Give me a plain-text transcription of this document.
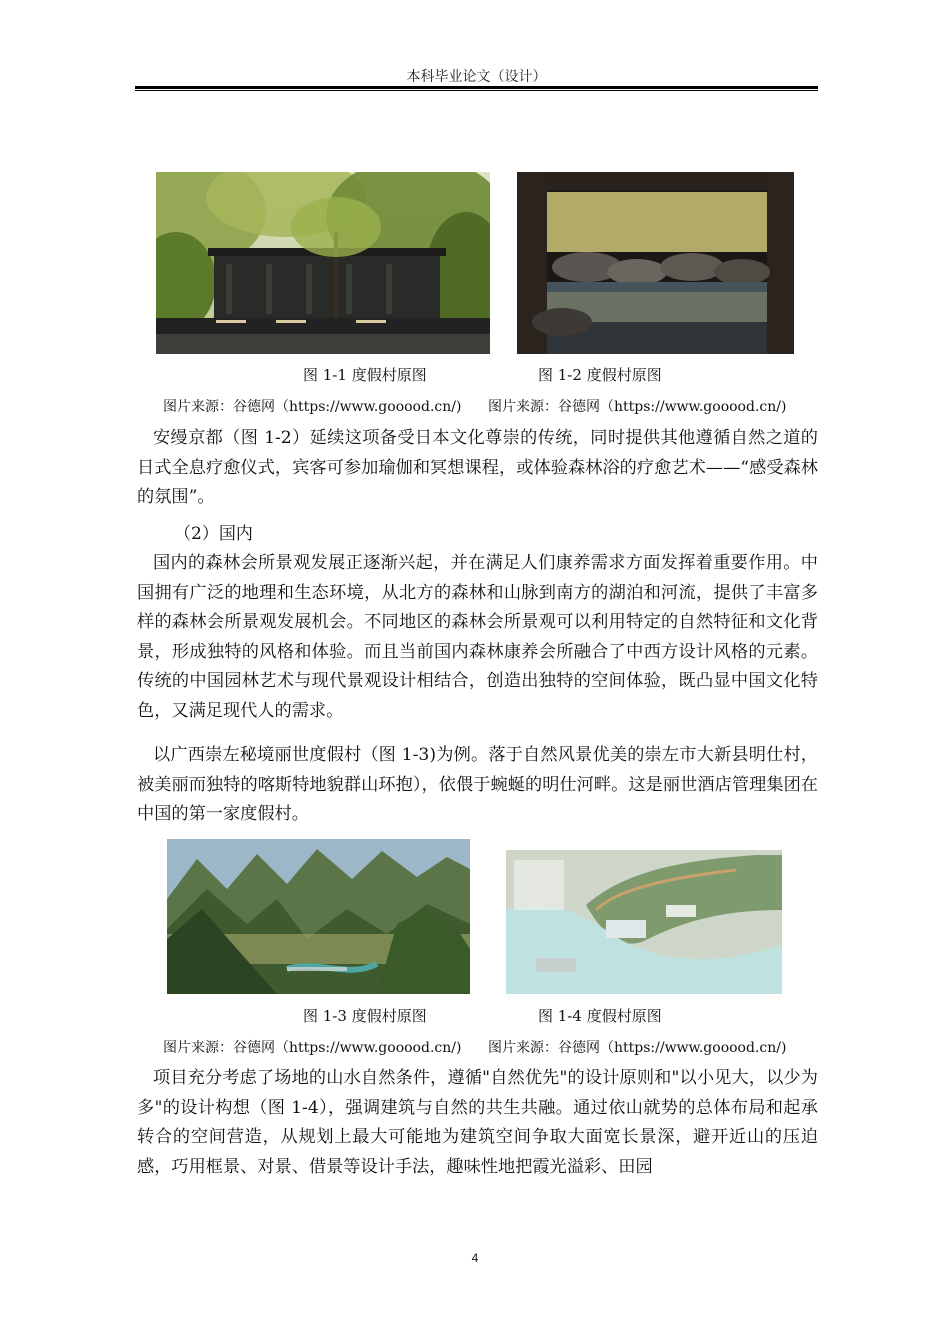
本科毕业论文（设计）
图 1-1 度假村原图	图 1-2 度假村原图
图片来源：谷德网（https://www.gooood.cn/) 图片来源：谷德网（https://www.gooood.cn/)

安缦京都（图 1-2）延续这项备受日本文化尊崇的传统，同时提供其他遵循自然之道的日式全息疗愈仪式，宾客可参加瑜伽和冥想课程，或体验森林浴的疗愈艺术——“感受森林的氛围”。

（2）国内

国内的森林会所景观发展正逐渐兴起，并在满足人们康养需求方面发挥着重要作用。中国拥有广泛的地理和生态环境，从北方的森林和山脉到南方的湖泊和河流，提供了丰富多样的森林会所景观发展机会。不同地区的森林会所景观可以利用特定的自然特征和文化背景，形成独特的风格和体验。而且当前国内森林康养会所融合了中西方设计风格的元素。传统的中国园林艺术与现代景观设计相结合，创造出独特的空间体验，既凸显中国文化特色，又满足现代人的需求。

以广西崇左秘境丽世度假村（图 1-3)为例。落于自然风景优美的崇左市大新县明仕村，被美丽而独特的喀斯特地貌群山环抱），依偎于蜿蜒的明仕河畔。这是丽世酒店管理集团在中国的第一家度假村。

图 1-3 度假村原图	图 1-4 度假村原图
图片来源：谷德网（https://www.gooood.cn/) 图片来源：谷德网（https://www.gooood.cn/)

项目充分考虑了场地的山水自然条件，遵循"自然优先"的设计原则和"以小见大，以少为多"的设计构想（图 1-4），强调建筑与自然的共生共融。通过依山就势的总体布局和起承转合的空间营造，从规划上最大可能地为建筑空间争取大面宽长景深，避开近山的压迫感，巧用框景、对景、借景等设计手法，趣味性地把霞光溢彩、田园

4
